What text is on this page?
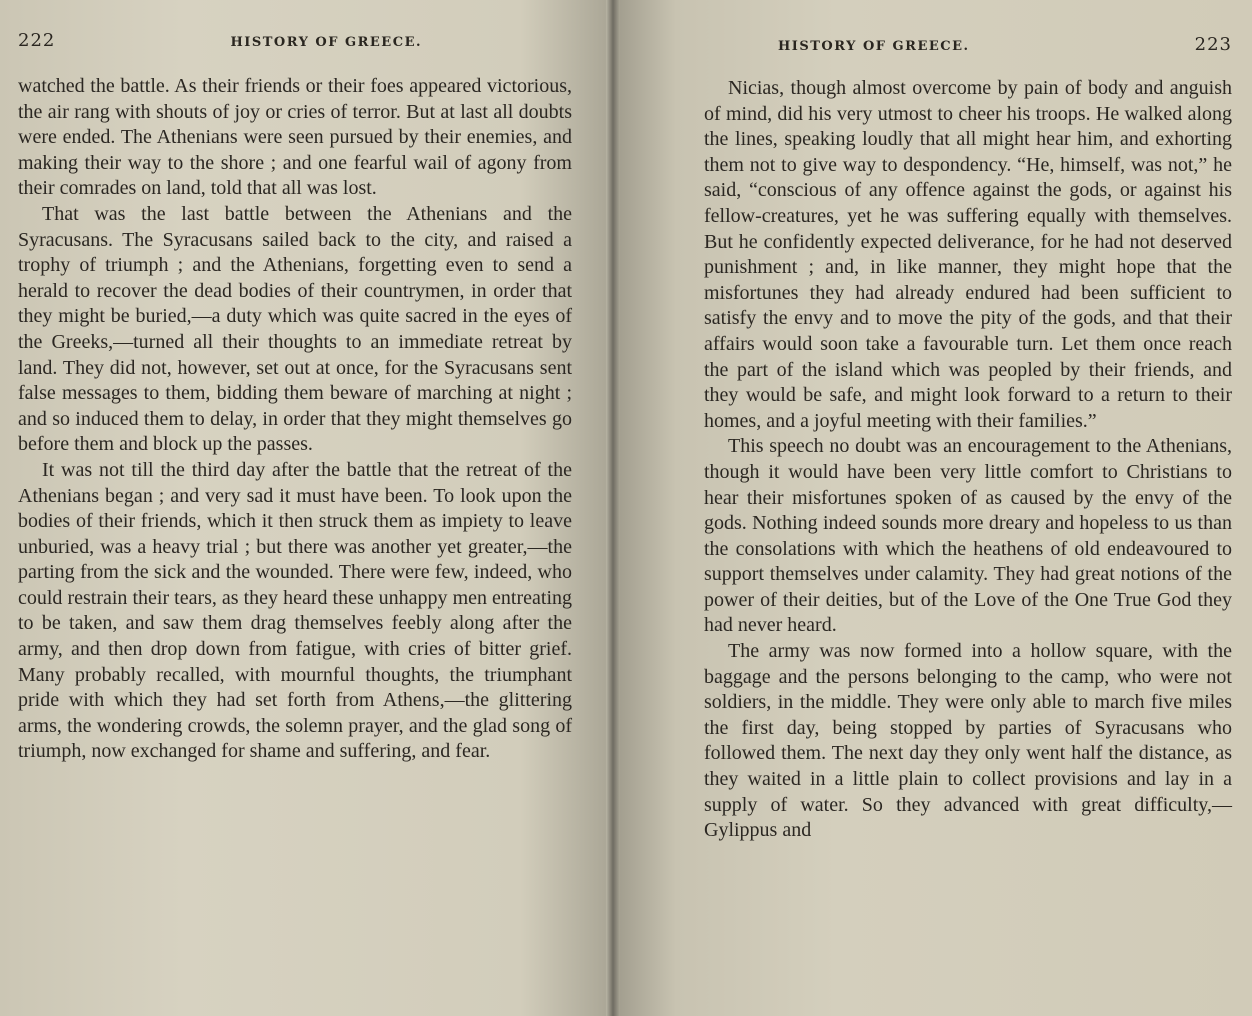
222	HISTORY OF GREECE.

watched the battle. As their friends or their foes appeared victorious, the air rang with shouts of joy or cries of terror. But at last all doubts were ended. The Athenians were seen pursued by their enemies, and making their way to the shore ; and one fearful wail of agony from their comrades on land, told that all was lost.

That was the last battle between the Athenians and the Syracusans. The Syracusans sailed back to the city, and raised a trophy of triumph ; and the Athenians, forgetting even to send a herald to recover the dead bodies of their countrymen, in order that they might be buried,—a duty which was quite sacred in the eyes of the Greeks,—turned all their thoughts to an immediate retreat by land. They did not, however, set out at once, for the Syracusans sent false messages to them, bidding them beware of marching at night ; and so induced them to delay, in order that they might themselves go before them and block up the passes.

It was not till the third day after the battle that the retreat of the Athenians began ; and very sad it must have been. To look upon the bodies of their friends, which it then struck them as impiety to leave unburied, was a heavy trial ; but there was another yet greater,—the parting from the sick and the wounded. There were few, indeed, who could restrain their tears, as they heard these unhappy men entreating to be taken, and saw them drag themselves feebly along after the army, and then drop down from fatigue, with cries of bitter grief. Many probably recalled, with mournful thoughts, the triumphant pride with which they had set forth from Athens,—the glittering arms, the wondering crowds, the solemn prayer, and the glad song of triumph, now exchanged for shame and suffering, and fear.

HISTORY OF GREECE.	223

Nicias, though almost overcome by pain of body and anguish of mind, did his very utmost to cheer his troops. He walked along the lines, speaking loudly that all might hear him, and exhorting them not to give way to despondency. “He, himself, was not,” he said, “conscious of any offence against the gods, or against his fellow-creatures, yet he was suffering equally with themselves. But he confidently expected deliverance, for he had not deserved punishment ; and, in like manner, they might hope that the misfortunes they had already endured had been sufficient to satisfy the envy and to move the pity of the gods, and that their affairs would soon take a favourable turn. Let them once reach the part of the island which was peopled by their friends, and they would be safe, and might look forward to a return to their homes, and a joyful meeting with their families.”

This speech no doubt was an encouragement to the Athenians, though it would have been very little comfort to Christians to hear their misfortunes spoken of as caused by the envy of the gods. Nothing indeed sounds more dreary and hopeless to us than the consolations with which the heathens of old endeavoured to support themselves under calamity. They had great notions of the power of their deities, but of the Love of the One True God they had never heard.

The army was now formed into a hollow square, with the baggage and the persons belonging to the camp, who were not soldiers, in the middle. They were only able to march five miles the first day, being stopped by parties of Syracusans who followed them. The next day they only went half the distance, as they waited in a little plain to collect provisions and lay in a supply of water. So they advanced with great difficulty,—Gylippus and
